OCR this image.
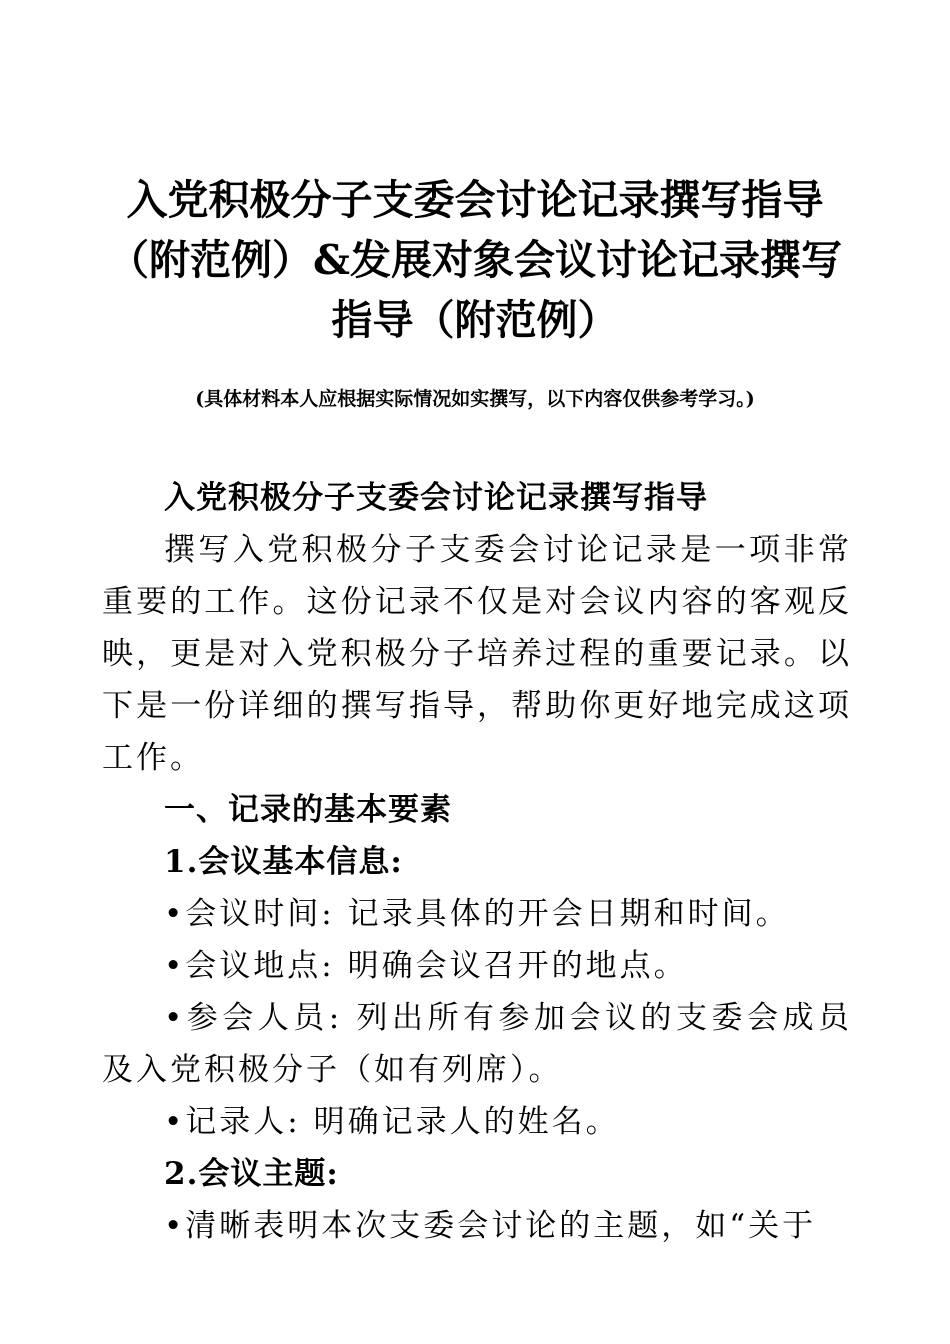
入党积极分子支委会讨论记录撰写指导
（附范例）&发展对象会议讨论记录撰写
指导（附范例）
(具体材料本人应根据实际情况如实撰写，以下内容仅供参考学习。)

入党积极分子支委会讨论记录撰写指导

撰写入党积极分子支委会讨论记录是一项非常重要的工作。这份记录不仅是对会议内容的客观反映，更是对入党积极分子培养过程的重要记录。以下是一份详细的撰写指导，帮助你更好地完成这项工作。

一、记录的基本要素

1.会议基本信息:

•会议时间: 记录具体的开会日期和时间。

•会议地点: 明确会议召开的地点。

•参会人员: 列出所有参加会议的支委会成员及入党积极分子（如有列席）。

•记录人: 明确记录人的姓名。

2.会议主题:

•清晰表明本次支委会讨论的主题，如“关于
